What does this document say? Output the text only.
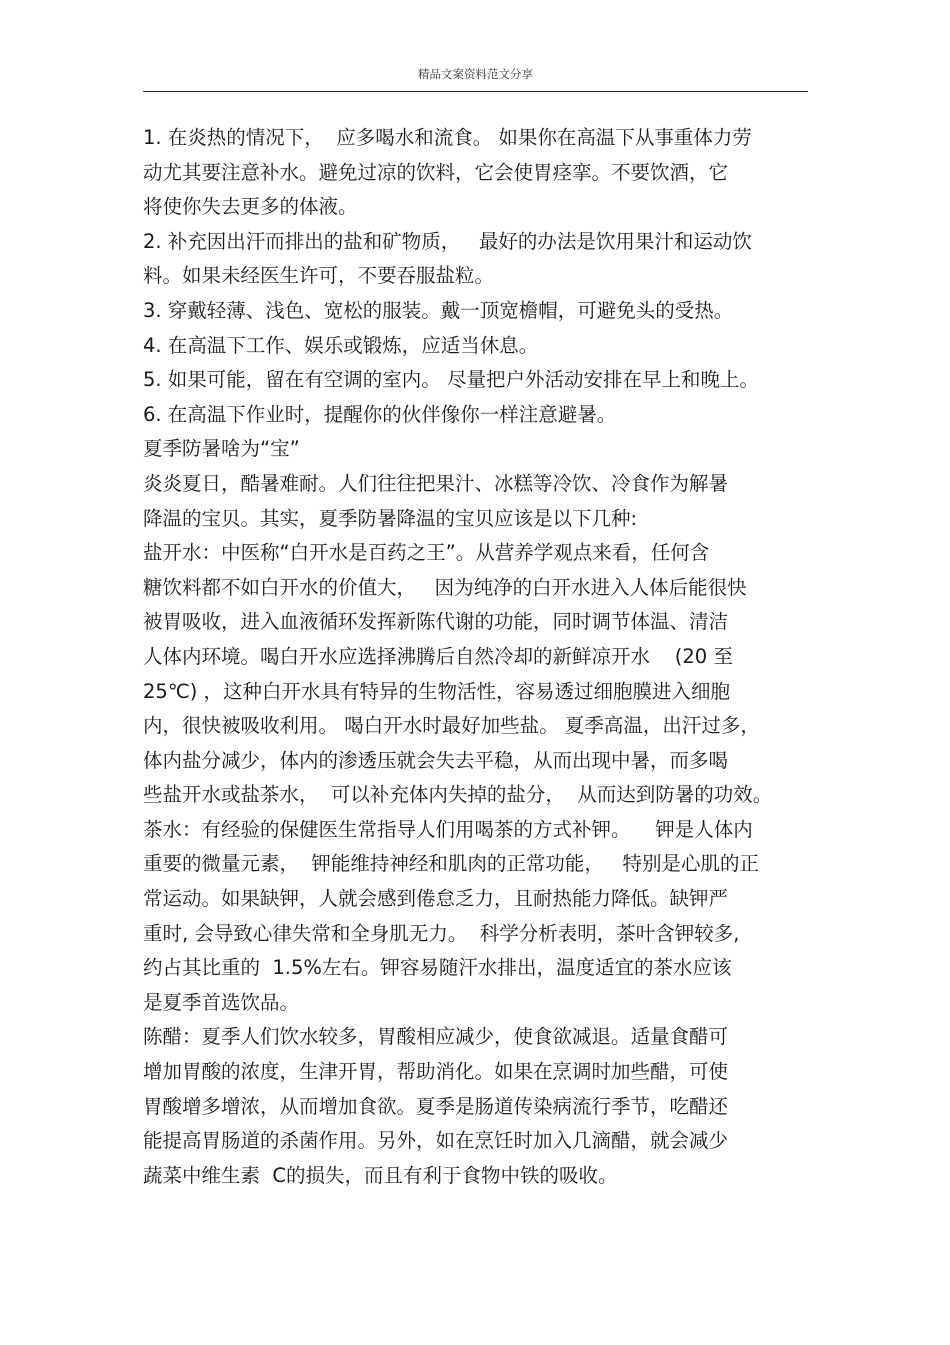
精品文案资料范文分享
1. 在炎热的情况下，  应多喝水和流食。 如果你在高温下从事重体力劳
动尤其要注意补水。避免过凉的饮料，它会使胃痉挛。不要饮酒，它
将使你失去更多的体液。
2. 补充因出汗而排出的盐和矿物质，   最好的办法是饮用果汁和运动饮
料。如果未经医生许可，不要吞服盐粒。
3. 穿戴轻薄、浅色、宽松的服装。戴一顶宽檐帽，可避免头的受热。
4. 在高温下工作、娱乐或锻炼，应适当休息。
5. 如果可能，留在有空调的室内。 尽量把户外活动安排在早上和晚上。
6. 在高温下作业时，提醒你的伙伴像你一样注意避暑。
夏季防暑啥为“宝”
炎炎夏日，酷暑难耐。人们往往把果汁、冰糕等冷饮、冷食作为解暑
降温的宝贝。其实，夏季防暑降温的宝贝应该是以下几种:
盐开水：中医称“白开水是百药之王”。从营养学观点来看，任何含
糖饮料都不如白开水的价值大，   因为纯净的白开水进入人体后能很快
被胃吸收，进入血液循环发挥新陈代谢的功能，同时调节体温、清洁
人体内环境。喝白开水应选择沸腾后自然冷却的新鲜凉开水    (20 至
25℃) ，这种白开水具有特异的生物活性，容易透过细胞膜进入细胞
内，很快被吸收利用。 喝白开水时最好加些盐。 夏季高温，出汗过多，
体内盐分减少，体内的渗透压就会失去平稳，从而出现中暑，而多喝
些盐开水或盐茶水，  可以补充体内失掉的盐分，  从而达到防暑的功效。
茶水：有经验的保健医生常指导人们用喝茶的方式补钾。    钾是人体内
重要的微量元素，  钾能维持神经和肌肉的正常功能，   特别是心肌的正
常运动。如果缺钾，人就会感到倦怠乏力，且耐热能力降低。缺钾严
重时, 会导致心律失常和全身肌无力。  科学分析表明，茶叶含钾较多,
约占其比重的  1.5%左右。钾容易随汗水排出，温度适宜的茶水应该
是夏季首选饮品。
陈醋：夏季人们饮水较多，胃酸相应减少，使食欲减退。适量食醋可
增加胃酸的浓度，生津开胃，帮助消化。如果在烹调时加些醋，可使
胃酸增多增浓，从而增加食欲。夏季是肠道传染病流行季节，吃醋还
能提高胃肠道的杀菌作用。另外，如在烹饪时加入几滴醋，就会减少
蔬菜中维生素  C的损失，而且有利于食物中铁的吸收。
